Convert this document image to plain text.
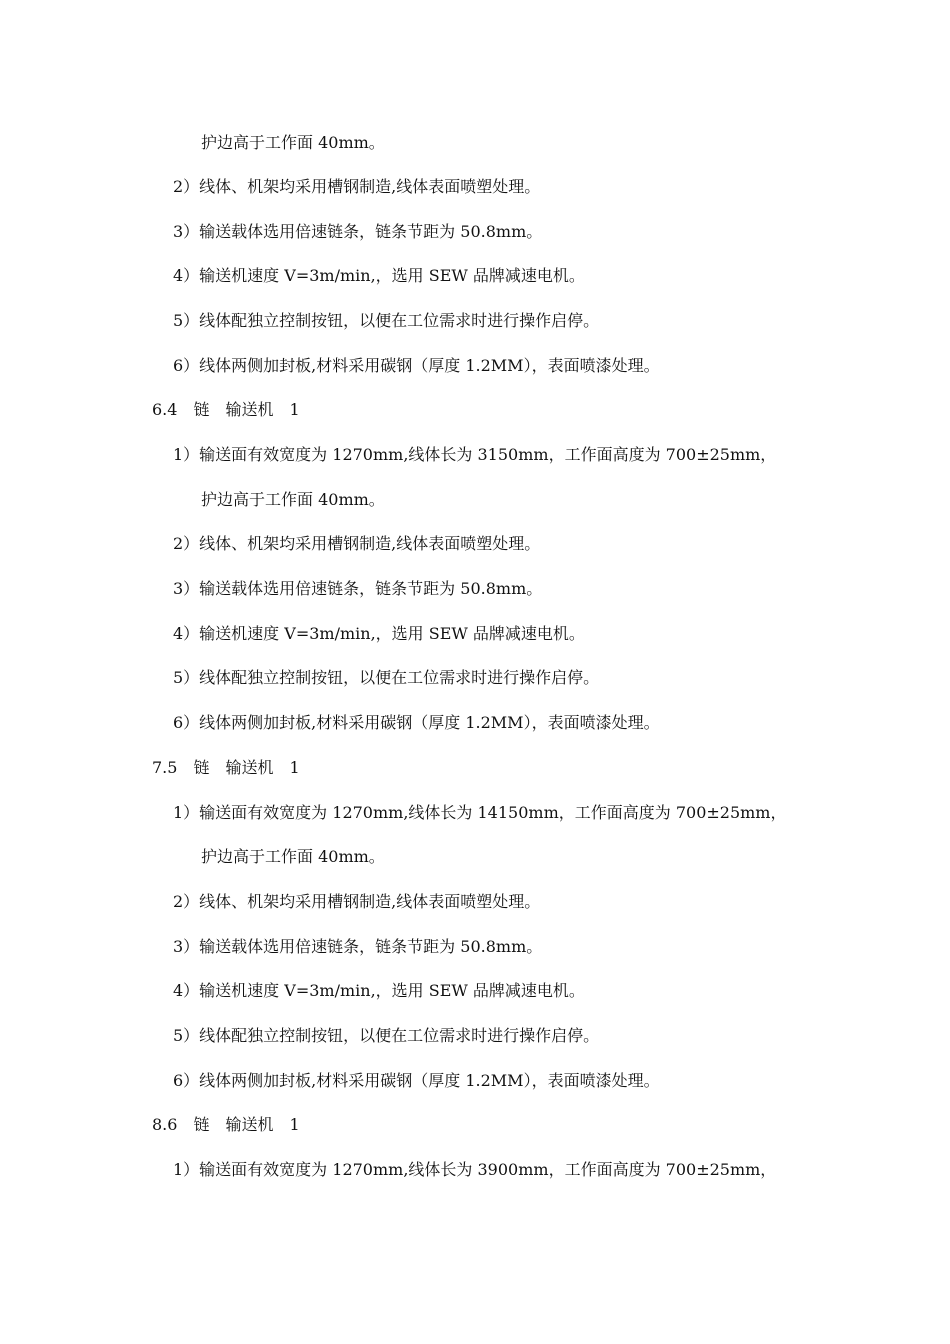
护边高于工作面 40mm。
2）线体、机架均采用槽钢制造,线体表面喷塑处理。
3）输送载体选用倍速链条，链条节距为 50.8mm。
4）输送机速度 V=3m/min,，选用 SEW 品牌减速电机。
5）线体配独立控制按钮，以便在工位需求时进行操作启停。
6）线体两侧加封板,材料采用碳钢（厚度 1.2MM），表面喷漆处理。
6.4　链　输送机　1
1）输送面有效宽度为 1270mm,线体长为 3150mm，工作面高度为 700±25mm，
护边高于工作面 40mm。
2）线体、机架均采用槽钢制造,线体表面喷塑处理。
3）输送载体选用倍速链条，链条节距为 50.8mm。
4）输送机速度 V=3m/min,，选用 SEW 品牌减速电机。
5）线体配独立控制按钮，以便在工位需求时进行操作启停。
6）线体两侧加封板,材料采用碳钢（厚度 1.2MM），表面喷漆处理。
7.5　链　输送机　1
1）输送面有效宽度为 1270mm,线体长为 14150mm，工作面高度为 700±25mm，
护边高于工作面 40mm。
2）线体、机架均采用槽钢制造,线体表面喷塑处理。
3）输送载体选用倍速链条，链条节距为 50.8mm。
4）输送机速度 V=3m/min,，选用 SEW 品牌减速电机。
5）线体配独立控制按钮，以便在工位需求时进行操作启停。
6）线体两侧加封板,材料采用碳钢（厚度 1.2MM），表面喷漆处理。
8.6　链　输送机　1
1）输送面有效宽度为 1270mm,线体长为 3900mm，工作面高度为 700±25mm，
